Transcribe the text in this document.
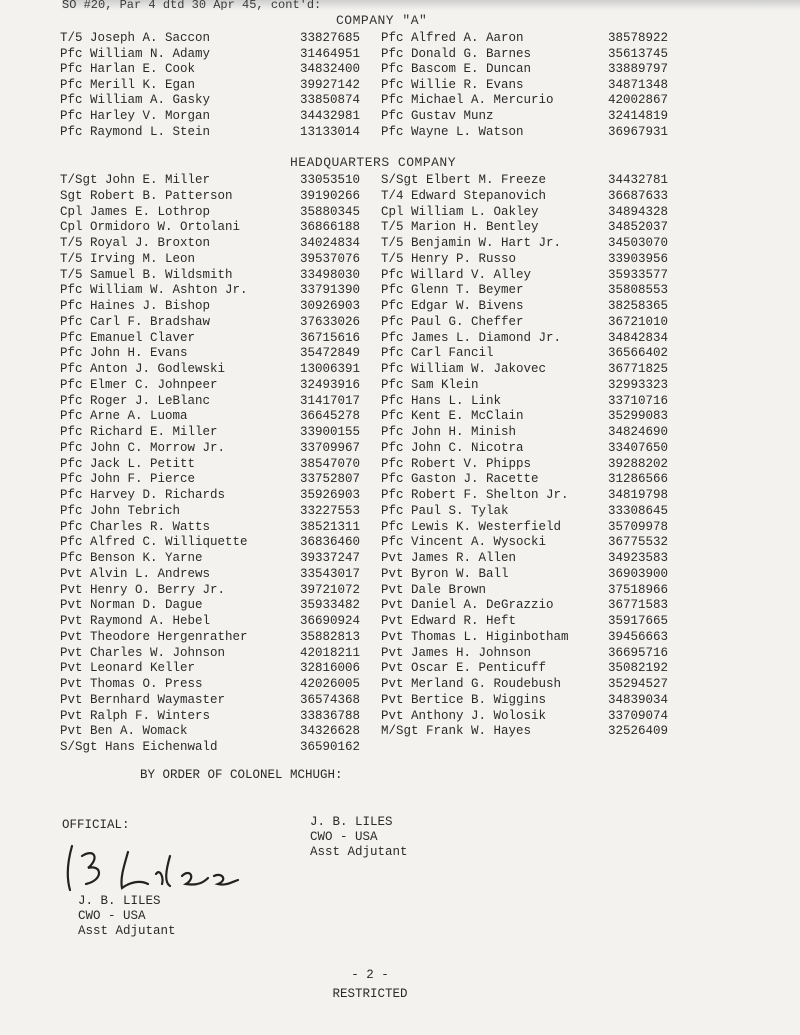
SO #20, Par 4 dtd 30 Apr 45, cont'd:
COMPANY "A"
T/5 Joseph A. Saccon	33827685 Pfc Alfred A. Aaron	38578922
Pfc William N. Adamy	31464951 Pfc Donald G. Barnes	35613745
Pfc Harlan E. Cook	34832400 Pfc Bascom E. Duncan	33889797
Pfc Merill K. Egan	39927142 Pfc Willie R. Evans	34871348
Pfc William A. Gasky	33850874 Pfc Michael A. Mercurio	42002867
Pfc Harley V. Morgan	34432981 Pfc Gustav Munz	32414819
Pfc Raymond L. Stein	13133014 Pfc Wayne L. Watson	36967931
HEADQUARTERS COMPANY
T/Sgt John E. Miller	33053510 S/Sgt Elbert M. Freeze	34432781
Sgt Robert B. Patterson	39190266 T/4 Edward Stepanovich	36687633
Cpl James E. Lothrop	35880345 Cpl William L. Oakley	34894328
Cpl Ormidoro W. Ortolani	36866188 T/5 Marion H. Bentley	34852037
T/5 Royal J. Broxton	34024834 T/5 Benjamin W. Hart Jr.	34503070
T/5 Irving M. Leon	39537076 T/5 Henry P. Russo	33903956
T/5 Samuel B. Wildsmith	33498030 Pfc Willard V. Alley	35933577
Pfc William W. Ashton Jr.	33791390 Pfc Glenn T. Beymer	35808553
Pfc Haines J. Bishop	30926903 Pfc Edgar W. Bivens	38258365
Pfc Carl F. Bradshaw	37633026 Pfc Paul G. Cheffer	36721010
Pfc Emanuel Claver	36715616 Pfc James L. Diamond Jr.	34842834
Pfc John H. Evans	35472849 Pfc Carl Fancil	36566402
Pfc Anton J. Godlewski	13006391 Pfc William W. Jakovec	36771825
Pfc Elmer C. Johnpeer	32493916 Pfc Sam Klein	32993323
Pfc Roger J. LeBlanc	31417017 Pfc Hans L. Link	33710716
Pfc Arne A. Luoma	36645278 Pfc Kent E. McClain	35299083
Pfc Richard E. Miller	33900155 Pfc John H. Minish	34824690
Pfc John C. Morrow Jr.	33709967 Pfc John C. Nicotra	33407650
Pfc Jack L. Petitt	38547070 Pfc Robert V. Phipps	39288202
Pfc John F. Pierce	33752807 Pfc Gaston J. Racette	31286566
Pfc Harvey D. Richards	35926903 Pfc Robert F. Shelton Jr.	34819798
Pfc John Tebrich	33227553 Pfc Paul S. Tylak	33308645
Pfc Charles R. Watts	38521311 Pfc Lewis K. Westerfield	35709978
Pfc Alfred C. Williquette	36836460 Pfc Vincent A. Wysocki	36775532
Pfc Benson K. Yarne	39337247 Pvt James R. Allen	34923583
Pvt Alvin L. Andrews	33543017 Pvt Byron W. Ball	36903900
Pvt Henry O. Berry Jr.	39721072 Pvt Dale Brown	37518966
Pvt Norman D. Dague	35933482 Pvt Daniel A. DeGrazzio	36771583
Pvt Raymond A. Hebel	36690924 Pvt Edward R. Heft	35917665
Pvt Theodore Hergenrather	35882813 Pvt Thomas L. Higinbotham	39456663
Pvt Charles W. Johnson	42018211 Pvt James H. Johnson	36695716
Pvt Leonard Keller	32816006 Pvt Oscar E. Penticuff	35082192
Pvt Thomas O. Press	42026005 Pvt Merland G. Roudebush	35294527
Pvt Bernhard Waymaster	36574368 Pvt Bertice B. Wiggins	34839034
Pvt Ralph F. Winters	33836788 Pvt Anthony J. Wolosik	33709074
Pvt Ben A. Womack	34326628 M/Sgt Frank W. Hayes	32526409
S/Sgt Hans Eichenwald	36590162
BY ORDER OF COLONEL MCHUGH:
OFFICIAL:	J. B. LILES
CWO - USA
Asst Adjutant
J. B. LILES
CWO - USA
Asst Adjutant
- 2 -
RESTRICTED
